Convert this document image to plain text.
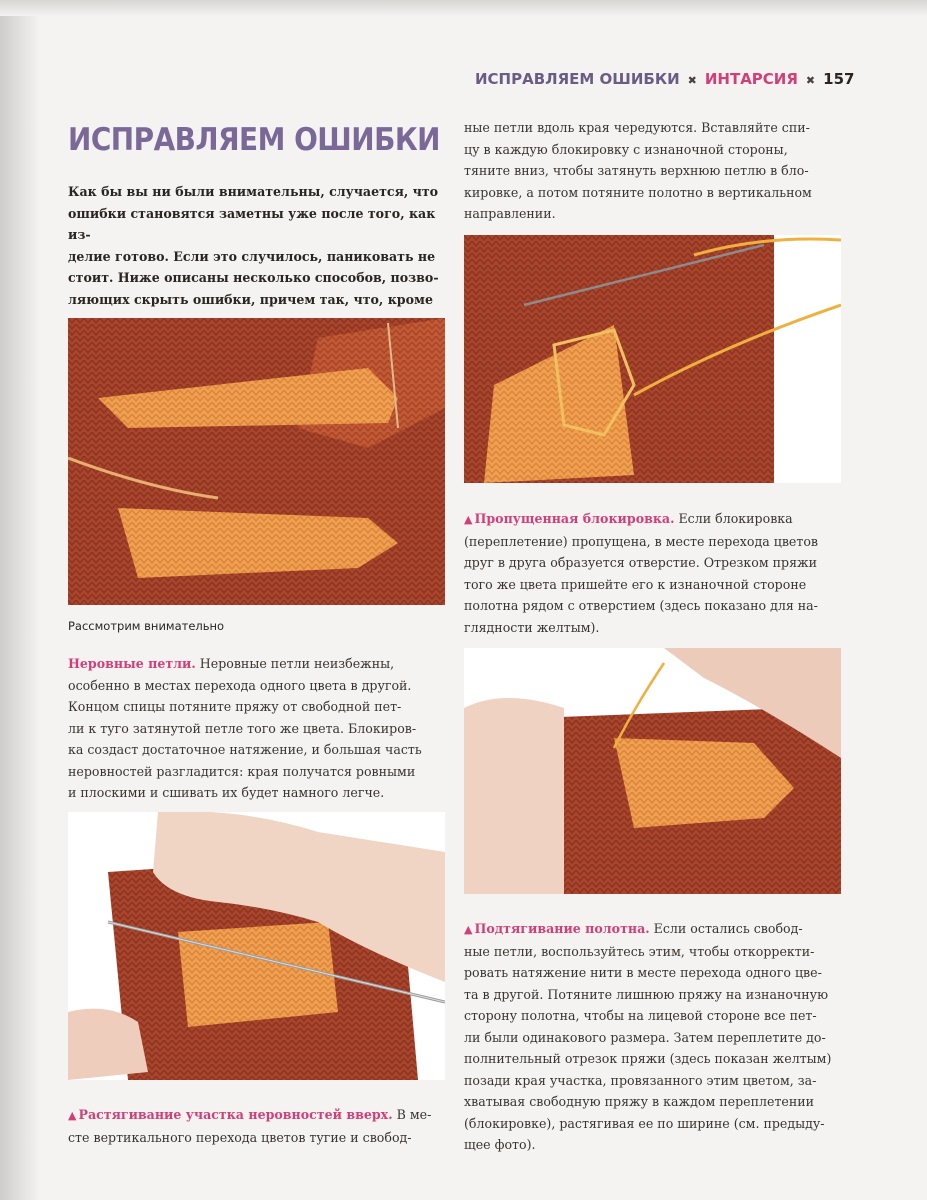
ИСПРАВЛЯЕМ ОШИБКИ ✖ ИНТАРСИЯ ✖ 157
ИСПРАВЛЯЕМ ОШИБКИ

Как бы вы ни были внимательны, случается, что
ошибки становятся заметны уже после того, как из-
делие готово. Если это случилось, паниковать не
стоит. Ниже описаны несколько способов, позво-
ляющих скрыть ошибки, причем так, что, кроме

Рассмотрим внимательно

Неровные петли. Неровные петли неизбежны,
особенно в местах перехода одного цвета в другой.
Концом спицы потяните пряжу от свободной пет-
ли к туго затянутой петле того же цвета. Блокиров-
ка создаст достаточное натяжение, и большая часть
неровностей разгладится: края получатся ровными
и плоскими и сшивать их будет намного легче.

▲ Растягивание участка неровностей вверх. В ме-
сте вертикального перехода цветов тугие и свобод-

ные петли вдоль края чередуются. Вставляйте спи-
цу в каждую блокировку с изнаночной стороны,
тяните вниз, чтобы затянуть верхнюю петлю в бло-
кировке, а потом потяните полотно в вертикальном
направлении.

▲ Пропущенная блокировка. Если блокировка
(переплетение) пропущена, в месте перехода цветов
друг в друга образуется отверстие. Отрезком пряжи
того же цвета пришейте его к изнаночной стороне
полотна рядом с отверстием (здесь показано для на-
глядности желтым).

▲ Подтягивание полотна. Если остались свобод-
ные петли, воспользуйтесь этим, чтобы откорректи-
ровать натяжение нити в месте перехода одного цве-
та в другой. Потяните лишнюю пряжу на изнаночную
сторону полотна, чтобы на лицевой стороне все пет-
ли были одинакового размера. Затем переплетите до-
полнительный отрезок пряжи (здесь показан желтым)
позади края участка, провязанного этим цветом, за-
хватывая свободную пряжу в каждом переплетении
(блокировке), растягивая ее по ширине (см. предыду-
щее фото).
